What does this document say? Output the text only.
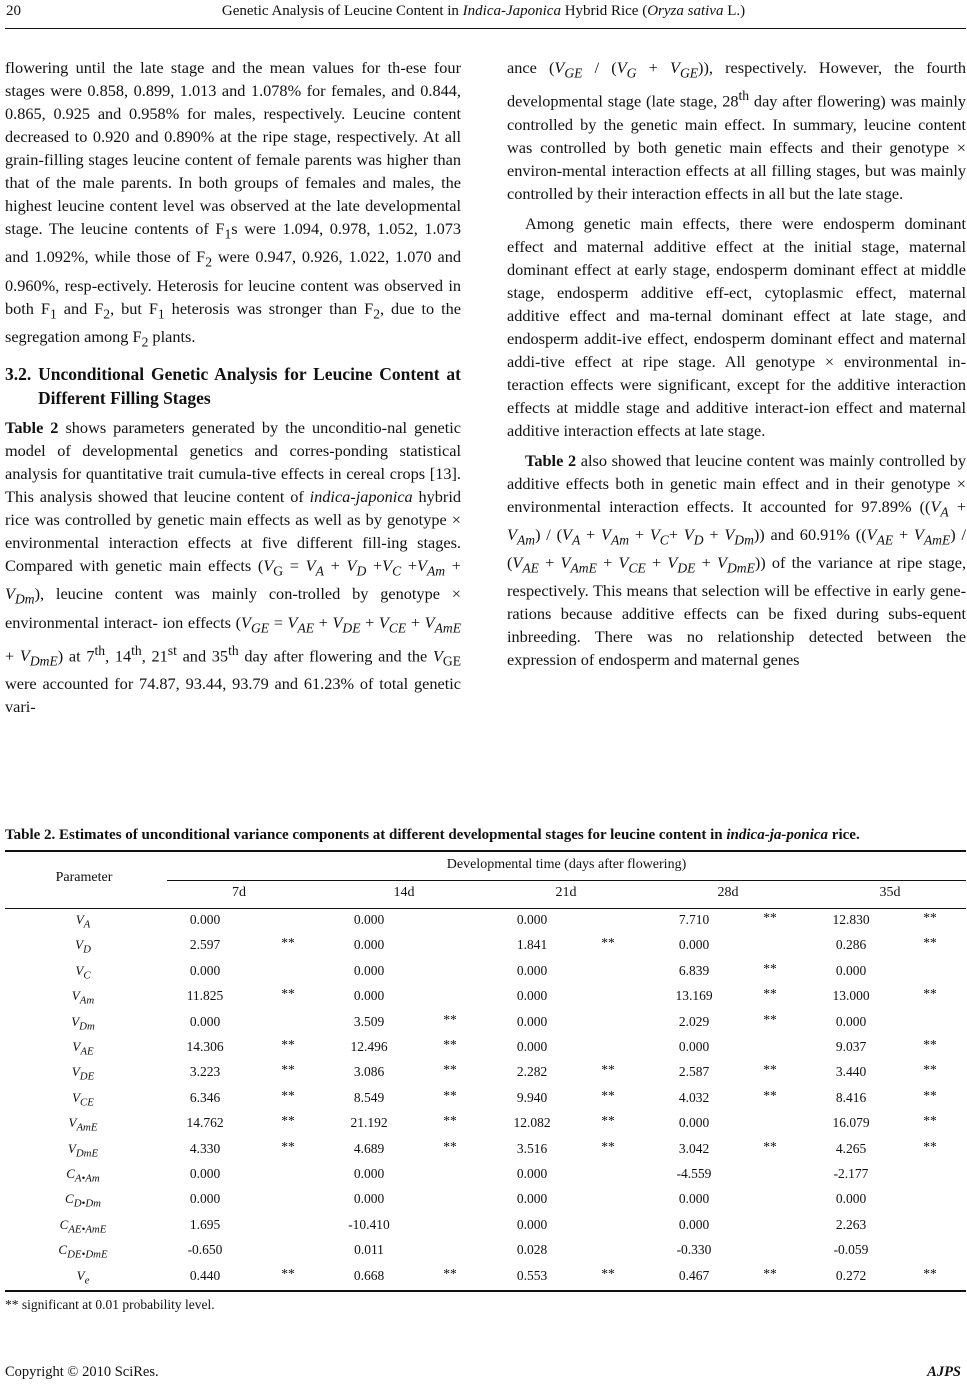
20	Genetic Analysis of Leucine Content in Indica-Japonica Hybrid Rice (Oryza sativa L.)

flowering until the late stage and the mean values for th-ese four stages were 0.858, 0.899, 1.013 and 1.078% for females, and 0.844, 0.865, 0.925 and 0.958% for males, respectively. Leucine content decreased to 0.920 and 0.890% at the ripe stage, respectively. At all grain-filling stages leucine content of female parents was higher than that of the male parents. In both groups of females and males, the highest leucine content level was observed at the late developmental stage. The leucine contents of $F_1s$ were 1.094, 0.978, 1.052, 1.073 and 1.092%, while those of $F_2$ were 0.947, 0.926, 1.022, 1.070 and 0.960%, resp-ectively. Heterosis for leucine content was observed in both $F_1$ and $F_2$, but $F_1$ heterosis was stronger than $F_2$, due to the segregation among $F_2$ plants.

3.2. Unconditional Genetic Analysis for Leucine Content at Different Filling Stages

Table 2 shows parameters generated by the unconditio-nal genetic model of developmental genetics and corres-ponding statistical analysis for quantitative trait cumula-tive effects in cereal crops [13]. This analysis showed that leucine content of indica-japonica hybrid rice was controlled by genetic main effects as well as by genotype × environmental interaction effects at five different fill-ing stages. Compared with genetic main effects $(V_G = V_A + V_D +V_C +V_{Am} + V_{Dm})$, leucine content was mainly con-trolled by genotype × environmental interact- ion effects $(V_{GE} = V_{AE} + V_{DE} + V_{CE} + V_{AmE} + V_{DmE})$ at 7th, 14th, 21st and 35th day after flowering and the $V_{GE}$ were accounted for 74.87, 93.44, 93.79 and 61.23% of total genetic vari-

ance $(V_{GE} / (V_G + V_{GE}))$, respectively. However, the fourth developmental stage (late stage, 28th day after flowering) was mainly controlled by the genetic main effect. In summary, leucine content was controlled by both genetic main effects and their genotype × environ-mental interaction effects at all filling stages, but was mainly controlled by their interaction effects in all but the late stage.

Among genetic main effects, there were endosperm dominant effect and maternal additive effect at the initial stage, maternal dominant effect at early stage, endosperm dominant effect at middle stage, endosperm additive eff-ect, cytoplasmic effect, maternal additive effect and ma-ternal dominant effect at late stage, and endosperm addit-ive effect, endosperm dominant effect and maternal addi-tive effect at ripe stage. All genotype × environmental in-teraction effects were significant, except for the additive interaction effects at middle stage and additive interact-ion effect and maternal additive interaction effects at late stage.

Table 2 also showed that leucine content was mainly controlled by additive effects both in genetic main effect and in their genotype × environmental interaction effects. It accounted for 97.89% $((V_A + V_{Am}) / (V_A + V_{Am} + V_C+ V_D + V_{Dm}))$ and 60.91% $((V_{AE} + V_{AmE}) / (V_{AE} + V_{AmE} + V_{CE} + V_{DE} + V_{DmE}))$ of the variance at ripe stage, respectively. This means that selection will be effective in early gene-rations because additive effects can be fixed during subs-equent inbreeding. There was no relationship detected between the expression of endosperm and maternal genes

Table 2. Estimates of unconditional variance components at different developmental stages for leucine content in indica-ja-ponica rice.
Parameter
Developmental time (days after flowering)
7d	14d	21d	28d	35d
$V_A$	0.000	0.000	0.000	7.710	**	12.830	**
$V_D$	2.597	**	0.000	1.841	**	0.000	0.286	**
$V_C$	0.000	0.000	0.000	6.839	**	0.000
$V_{Am}$	11.825	**	0.000	0.000	13.169	**	13.000	**
$V_{Dm}$	0.000	3.509	**	0.000	2.029	**	0.000
$V_{AE}$	14.306	**	12.496	**	0.000	0.000	9.037	**
$V_{DE}$	3.223	**	3.086	**	2.282	**	2.587	**	3.440	**
$V_{CE}$	6.346	**	8.549	**	9.940	**	4.032	**	8.416	**
$V_{AmE}$	14.762	**	21.192	**	12.082	**	0.000	16.079	**
$V_{DmE}$	4.330	**	4.689	**	3.516	**	3.042	**	4.265	**
$C_{A•Am}$	0.000	0.000	0.000	-4.559	-2.177
$C_{D•Dm}$	0.000	0.000	0.000	0.000	0.000
$C_{AE•AmE}$	1.695	-10.410	0.000	0.000	2.263
$C_{DE•DmE}$	-0.650	0.011	0.028	-0.330	-0.059
$V_e$	0.440	**	0.668	**	0.553	**	0.467	**	0.272	**
** significant at 0.01 probability level.
Copyright © 2010 SciRes.	AJPS
